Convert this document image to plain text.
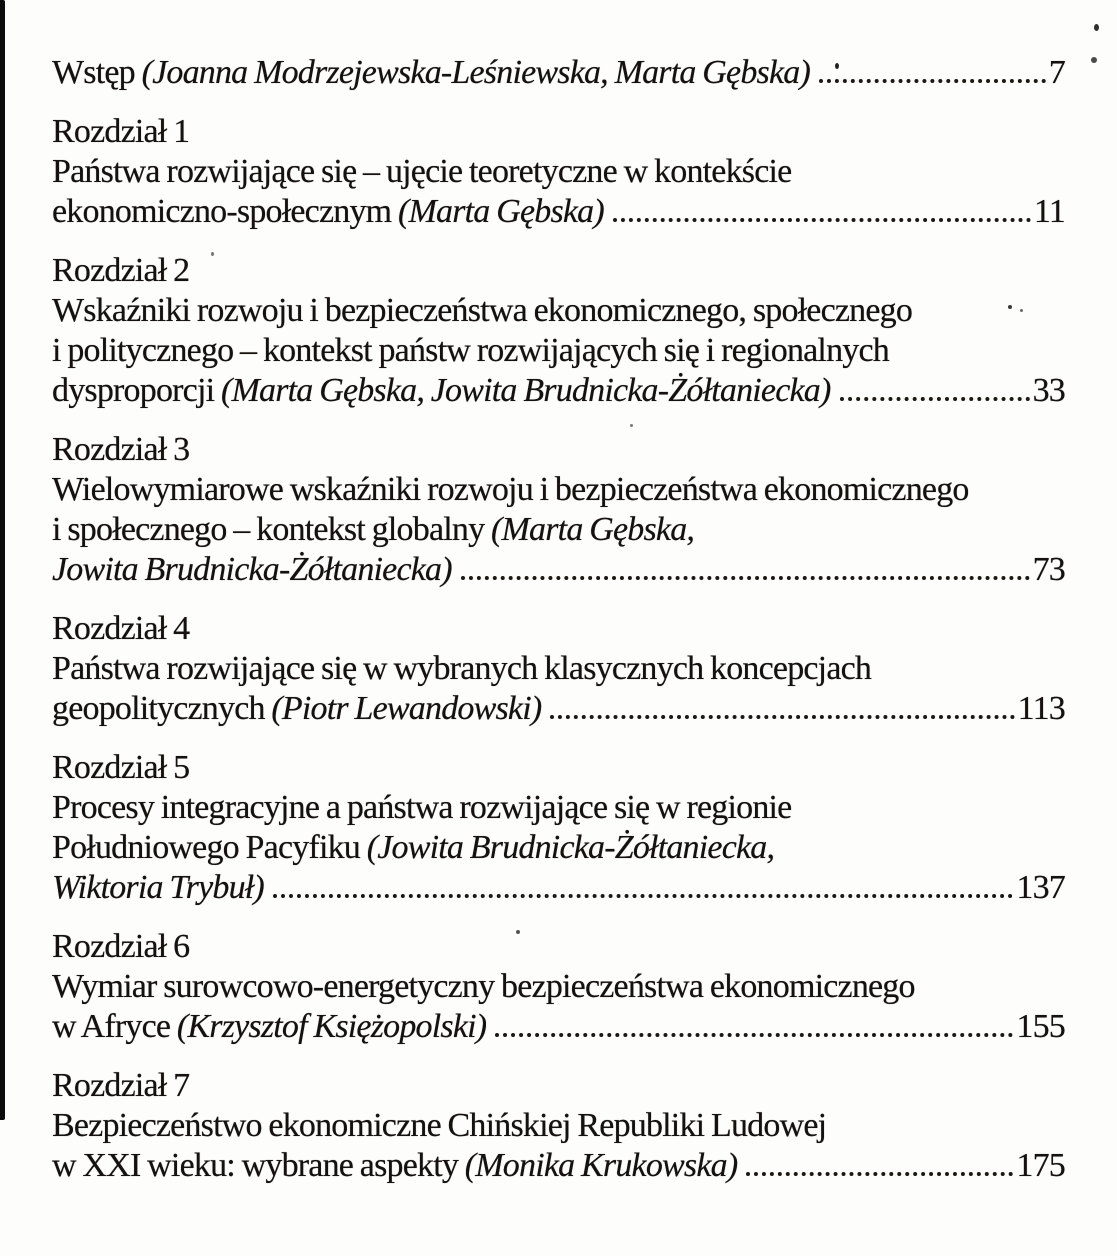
Wstęp (Joanna Modrzejewska-Leśniewska, Marta Gębska)	7
Rozdział 1
Państwa rozwijające się – ujęcie teoretyczne w kontekście
ekonomiczno-społecznym (Marta Gębska)	11
Rozdział 2
Wskaźniki rozwoju i bezpieczeństwa ekonomicznego, społecznego
i politycznego – kontekst państw rozwijających się i regionalnych
dysproporcji (Marta Gębska, Jowita Brudnicka-Żółtaniecka)	33
Rozdział 3
Wielowymiarowe wskaźniki rozwoju i bezpieczeństwa ekonomicznego
i społecznego – kontekst globalny (Marta Gębska,
Jowita Brudnicka-Żółtaniecka)	73
Rozdział 4
Państwa rozwijające się w wybranych klasycznych koncepcjach
geopolitycznych (Piotr Lewandowski)	113
Rozdział 5
Procesy integracyjne a państwa rozwijające się w regionie
Południowego Pacyfiku (Jowita Brudnicka-Żółtaniecka,
Wiktoria Trybuł)	137
Rozdział 6
Wymiar surowcowo-energetyczny bezpieczeństwa ekonomicznego
w Afryce (Krzysztof Księżopolski)	155
Rozdział 7
Bezpieczeństwo ekonomiczne Chińskiej Republiki Ludowej
w XXI wieku: wybrane aspekty (Monika Krukowska)	175
